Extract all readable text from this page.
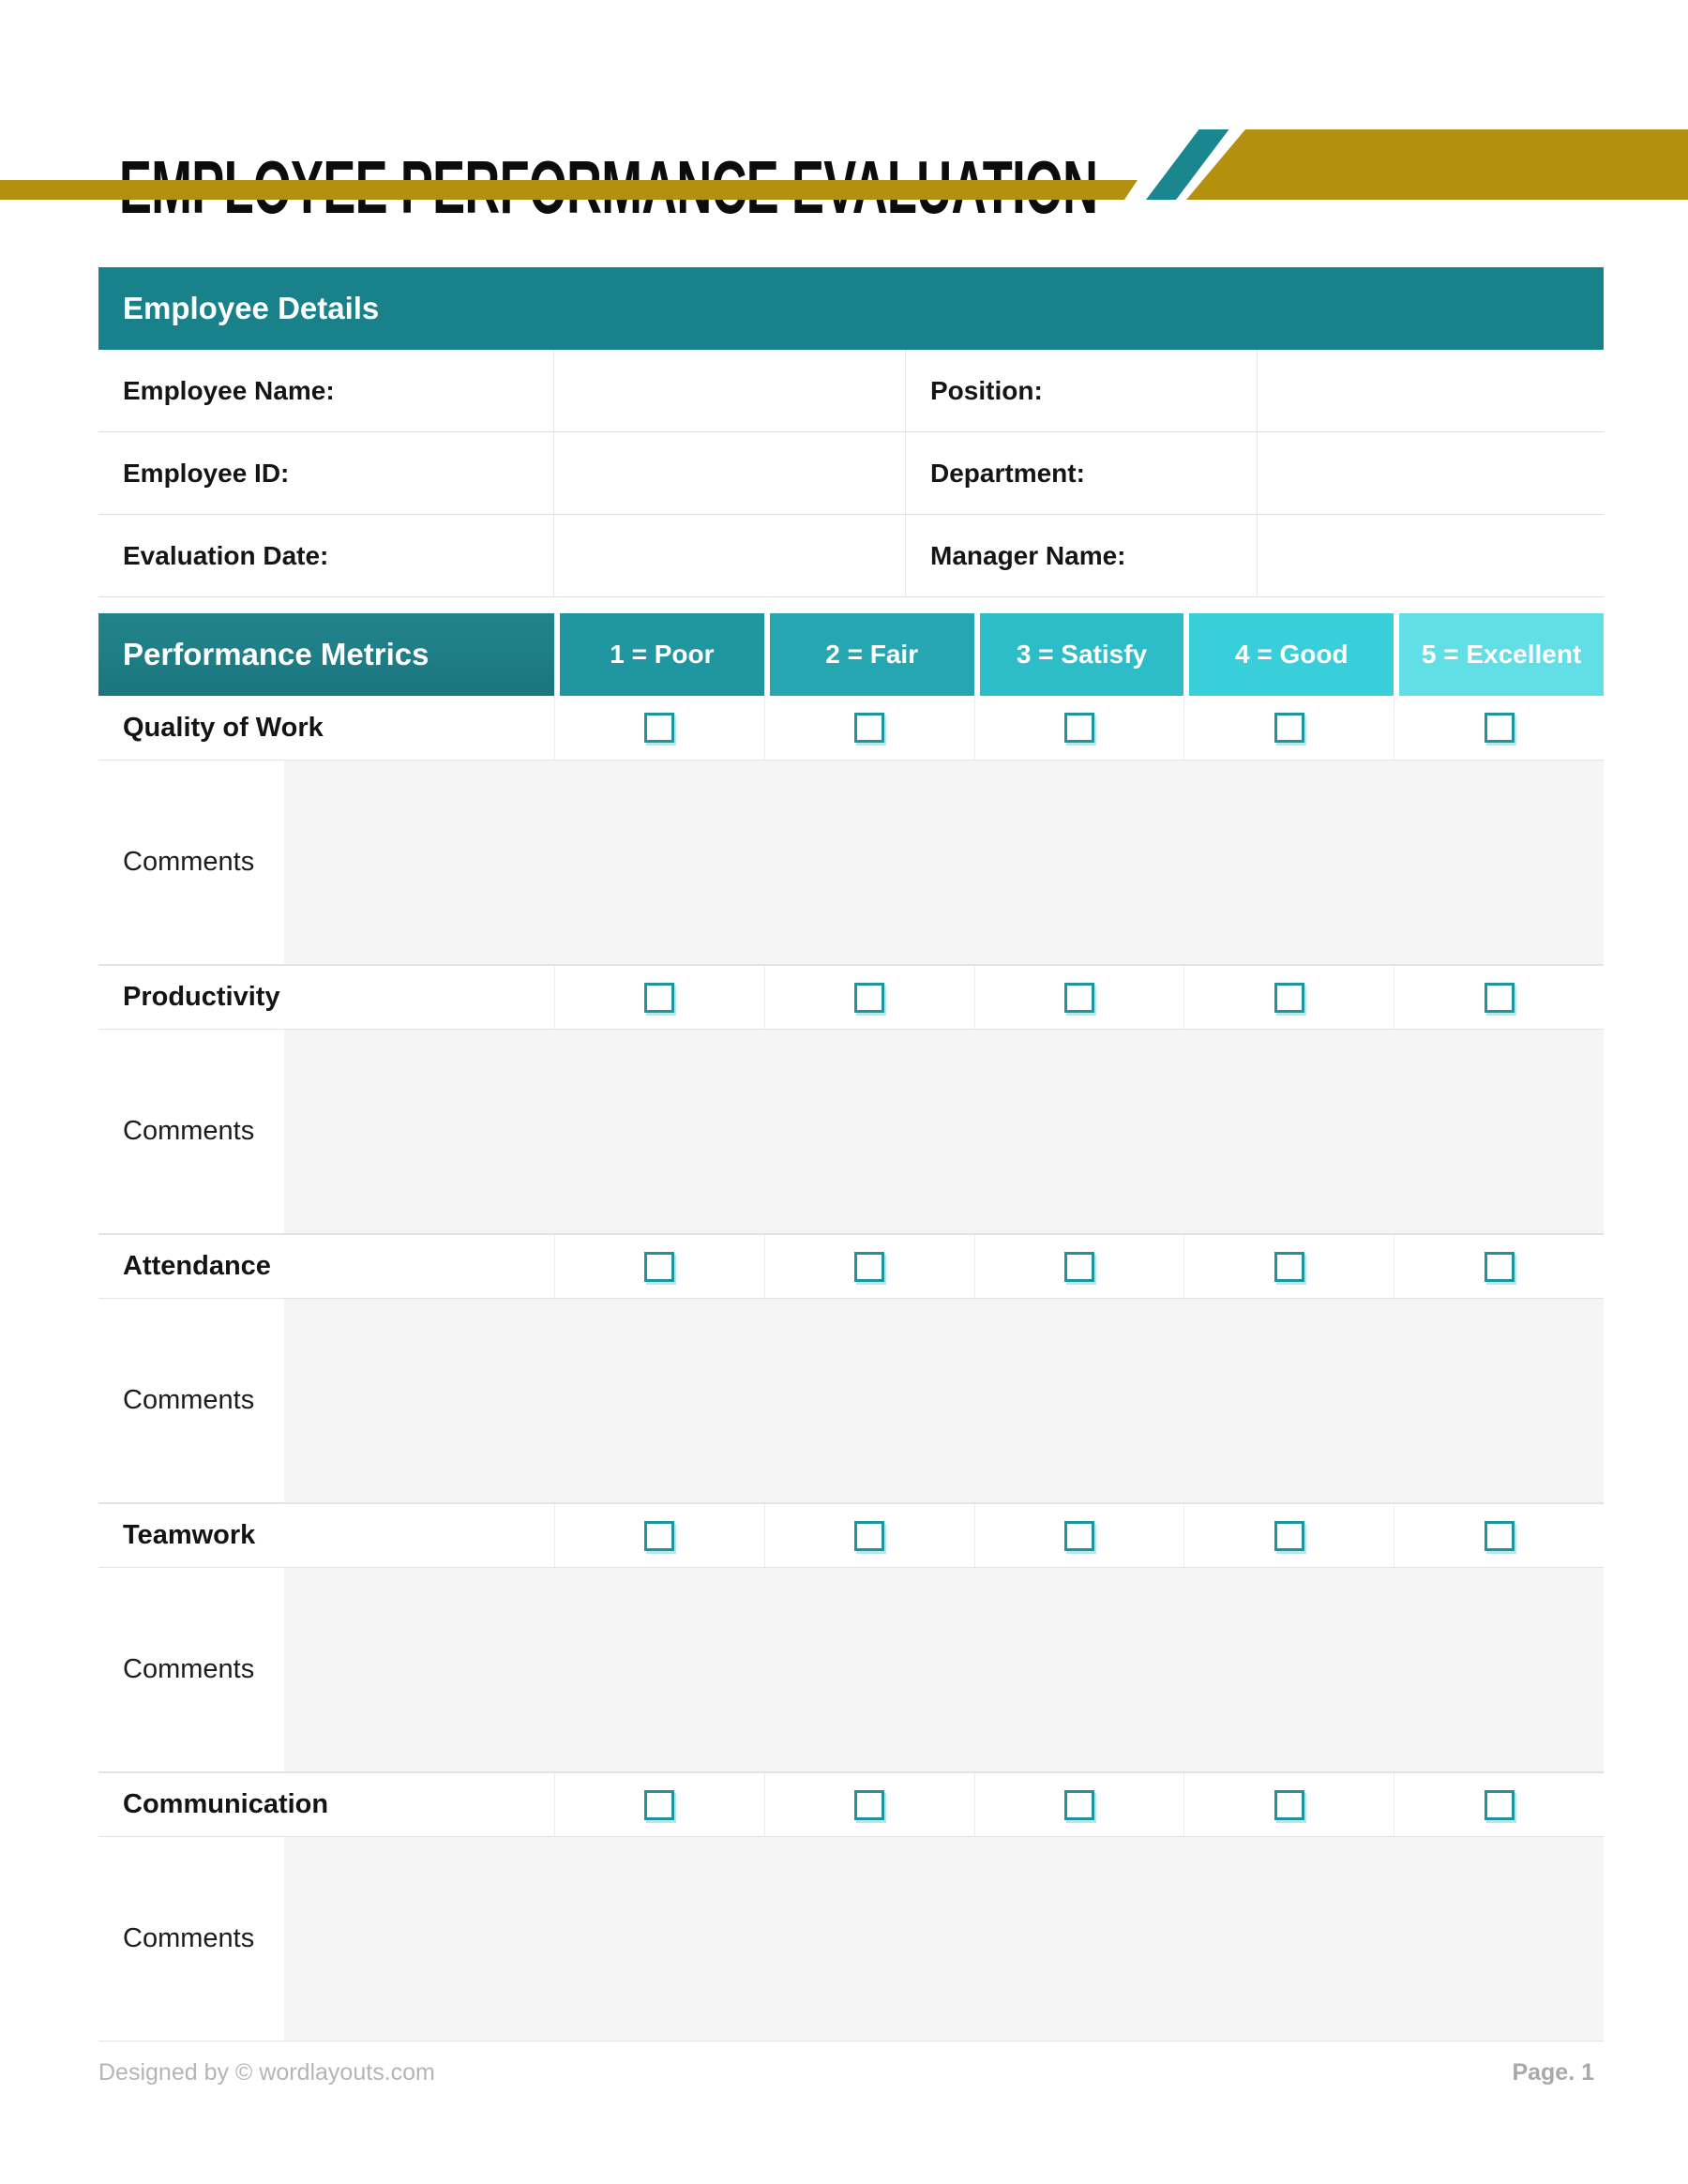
Employee Details
Employee Name:	Position:
Employee ID:	Department:
Evaluation Date:	Manager Name:
Performance Metrics	1 = Poor	2 = Fair	3 = Satisfy	4 = Good	5 = Excellent
Quality of Work
Comments
Productivity
Comments
Attendance
Comments
Teamwork
Comments
Communication
Comments
Designed by © wordlayouts.com	Page. 1
